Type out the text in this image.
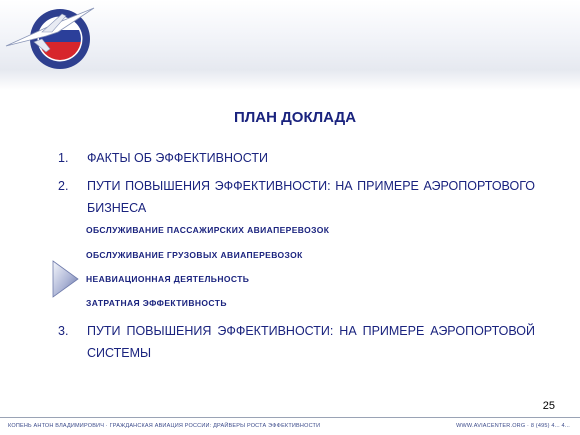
ПЛАН ДОКЛАДА
1. ФАКТЫ ОБ ЭФФЕКТИВНОСТИ
2. ПУТИ ПОВЫШЕНИЯ ЭФФЕКТИВНОСТИ: НА ПРИМЕРЕ АЭРОПОРТОВОГО БИЗНЕСА
ОБСЛУЖИВАНИЕ ПАССАЖИРСКИХ АВИАПЕРЕВОЗОК
ОБСЛУЖИВАНИЕ ГРУЗОВЫХ АВИАПЕРЕВОЗОК
НЕАВИАЦИОННАЯ ДЕЯТЕЛЬНОСТЬ
ЗАТРАТНАЯ ЭФФЕКТИВНОСТЬ
3. ПУТИ ПОВЫШЕНИЯ ЭФФЕКТИВНОСТИ: НА ПРИМЕРЕ АЭРОПОРТОВОЙ СИСТЕМЫ
25
КОПЕНЬ АНТОН ВЛАДИМИРОВИЧ · ГРАЖДАНСКАЯ АВИАЦИЯ РОССИИ: ДРАЙВЕРЫ РОСТА ЭФФЕКТИВНОСТИ	WWW.AVIACENTER.ORG · 8 (495) 4... 4...
